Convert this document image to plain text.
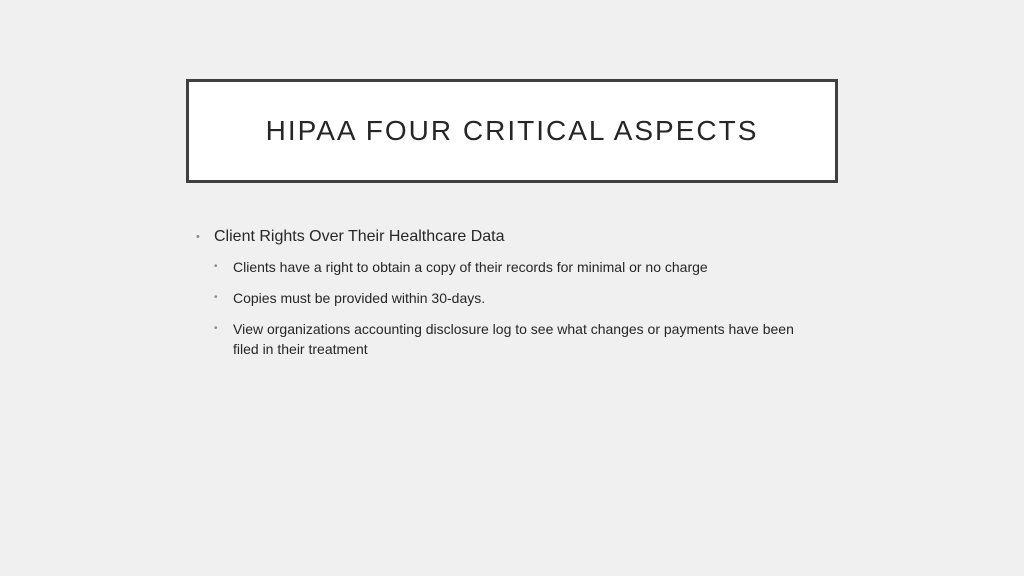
HIPAA FOUR CRITICAL ASPECTS
• Client Rights Over Their Healthcare Data
•	Clients have a right to obtain a copy of their records for minimal or no charge
•	Copies must be provided within 30-days.
•	View organizations accounting disclosure log to see what changes or payments have been filed in their treatment
